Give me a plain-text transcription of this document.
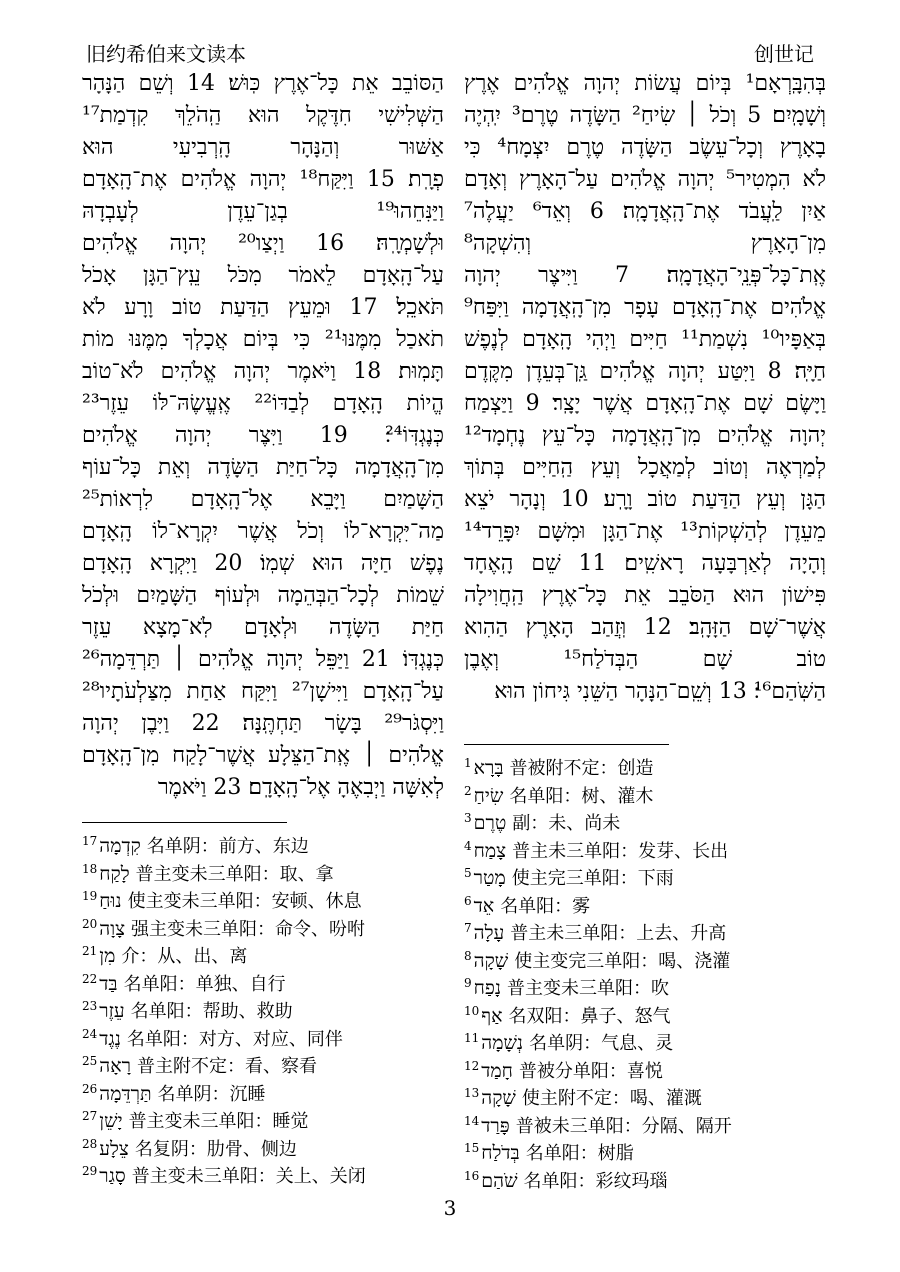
旧约希伯来文读本	创世记
בְּהִבָּֽרְאָם¹ בְּיוֹם עֲשׂוֹת יְהוָה אֱלֹהִים אֶרֶץ
וְשָׁמָֽיִם׃ 5 וְכֹל ׀ שִׂיחַ² הַשָּׂדֶה טֶרֶם³ יִֽהְיֶה
בָאָרֶץ וְכָל־עֵשֶׂב הַשָּׂדֶה טֶרֶם יִצְמָח⁴ כִּי
לֹא הִמְטִיר⁵ יְהוָה אֱלֹהִים עַל־הָאָרֶץ וְאָדָם
אַיִן לַֽעֲבֹד אֶת־הָֽאֲדָמָֽה׃ 6 וְאֵד⁶ יַעֲלֶה⁷
מִן־הָאָרֶץ וְהִשְׁקָה⁸
אֶֽת־כָּל־פְּנֵֽי־הָאֲדָמָֽה׃ 7 וַיִּיצֶר יְהוָה
אֱלֹהִים אֶת־הָֽאָדָם עָפָר מִן־הָֽאֲדָמָה וַיִּפַּח⁹
בְּאַפָּיו¹⁰ נִשְׁמַת¹¹ חַיִּים וַיְהִי הָֽאָדָם לְנֶפֶשׁ
חַיָּֽה׃ 8 וַיִּטַּע יְהוָה אֱלֹהִים גַּֽן־בְּעֵדֶן מִקֶּדֶם
וַיָּשֶׂם שָׁם אֶת־הָֽאָדָם אֲשֶׁר יָצָֽר׃ 9 וַיַּצְמַח
יְהוָה אֱלֹהִים מִן־הָֽאֲדָמָה כָּל־עֵץ נֶחְמָד¹²
לְמַרְאֶה וְטוֹב לְמַאֲכָל וְעֵץ הַֽחַיִּים בְּתוֹךְ
הַגָּן וְעֵץ הַדַּעַת טוֹב וָרָֽע׃ 10 וְנָהָר יֹצֵא
מֵעֵדֶן לְהַשְׁקוֹת¹³ אֶת־הַגָּן וּמִשָּׁם יִפָּרֵד¹⁴
וְהָיָה לְאַרְבָּעָה רָאשִֽׁים׃ 11 שֵׁם הָֽאֶחָד
פִּישׁוֹן הוּא הַסֹּבֵב אֵת כָּל־אֶרֶץ הַֽחֲוִילָה
אֲשֶׁר־שָׁם הַזָּהָֽב׃ 12 וּֽזֲהַב הָאָרֶץ הַהִוא
טוֹב שָׁם הַבְּדֹלַח¹⁵ וְאֶבֶן
הַשֹּֽׁהַם¹⁶׃ 13 וְשֵֽׁם־הַנָּהָר הַשֵּׁנִי גִּיחוֹן הוּא
הַסּוֹבֵב אֵת כָּל־אֶרֶץ כּֽוּשׁ׃ 14 וְשֵׁם הַנָּהָר
הַשְּׁלִישִׁי חִדֶּקֶל הוּא הַֽהֹלֵךְ קִדְמַת¹⁷
אַשּׁוּר וְהַנָּהָר הָֽרְבִיעִי הוּא
פְרָֽת׃ 15 וַיִּקַּח¹⁸ יְהוָה אֱלֹהִים אֶת־הָֽאָדָם
וַיַּנִּחֵהוּ¹⁹ בְגַן־עֵדֶן לְעָבְדָהּ
וּלְשָׁמְרָֽהּ׃ 16 וַיְצַו²⁰ יְהוָה אֱלֹהִים
עַל־הָֽאָדָם לֵאמֹר מִכֹּל עֵֽץ־הַגָּן אָכֹל
תֹּאכֵֽל׃ 17 וּמֵעֵץ הַדַּעַת טוֹב וָרָע לֹא
תֹאכַל מִמֶּנּוּ²¹ כִּי בְּיוֹם אֲכָלְךָ מִמֶּנּוּ מוֹת
תָּמֽוּת׃ 18 וַיֹּאמֶר יְהוָה אֱלֹהִים לֹא־טוֹב
הֱיוֹת הָֽאָדָם לְבַדּוֹ²² אֶֽעֱשֶׂהּ־לּוֹ עֵזֶר²³
כְּנֶגְדּֽוֹ²⁴׃ 19 וַיִּצֶר יְהוָה אֱלֹהִים
מִן־הָֽאֲדָמָה כָּל־חַיַּת הַשָּׂדֶה וְאֵת כָּל־עוֹף
הַשָּׁמַיִם וַיָּבֵא אֶל־הָֽאָדָם לִרְאוֹת²⁵
מַה־יִּקְרָא־לוֹ וְכֹל אֲשֶׁר יִקְרָא־לוֹ הָֽאָדָם
נֶפֶשׁ חַיָּה הוּא שְׁמֽוֹ׃ 20 וַיִּקְרָא הָֽאָדָם
שֵׁמוֹת לְכָל־הַבְּהֵמָה וּלְעוֹף הַשָּׁמַיִם וּלְכֹל
חַיַּת הַשָּׂדֶה וּלְאָדָם לֹֽא־מָצָא עֵזֶר
כְּנֶגְדּֽוֹ׃ 21 וַיַּפֵּל יְהוָה אֱלֹהִים ׀ תַּרְדֵּמָה²⁶
עַל־הָֽאָדָם וַיִּישָׁן²⁷ וַיִּקַּח אַחַת מִצַּלְעֹתָיו²⁸
וַיִּסְגֹּר²⁹ בָּשָׂר תַּחְתֶּֽנָּה׃ 22 וַיִּבֶן יְהוָה
אֱלֹהִים ׀ אֶֽת־הַצֵּלָע אֲשֶׁר־לָקַח מִן־הָֽאָדָם
לְאִשָּׁה וַיְבִאֶהָ אֶל־הָֽאָדָֽם׃ 23 וַיֹּאמֶר
$^1$ בָּרָא 普被附不定：创造
$^2$ שִׂיחַ 名单阳：树、灌木
$^3$ טֶרֶם 副：未、尚未
$^4$ צָמַח 普主未三单阳：发芽、长出
$^5$ מָטַר 使主完三单阳：下雨
$^6$ אֵד 名单阳：雾
$^7$ עָלָה 普主未三单阳：上去、升高
$^8$ שָׁקָה 使主变完三单阳：喝、浇灌
$^9$ נָפַח 普主变未三单阳：吹
$^{10}$ אַף 名双阳：鼻子、怒气
$^{11}$ נְשָׁמָה 名单阴：气息、灵
$^{12}$ חָמַד 普被分单阳：喜悦
$^{13}$ שָׁקָה 使主附不定：喝、灌溉
$^{14}$ פָּרַד 普被未三单阳：分隔、隔开
$^{15}$ בְּדֹלַח 名单阳：树脂
$^{16}$ שֹׁהַם 名单阳：彩纹玛瑙
$^{17}$ קִדְמָה 名单阴：前方、东边
$^{18}$ לָקַח 普主变未三单阳：取、拿
$^{19}$ נוּחַ 使主变未三单阳：安顿、休息
$^{20}$ צָוָה 强主变未三单阳：命令、吩咐
$^{21}$ מִן 介：从、出、离
$^{22}$ בַּד 名单阳：单独、自行
$^{23}$ עֵזֶר 名单阳：帮助、救助
$^{24}$ נֶגֶד 名单阳：对方、对应、同伴
$^{25}$ רָאָה 普主附不定：看、察看
$^{26}$ תַּרְדֵּמָה 名单阴：沉睡
$^{27}$ יָשֵׁן 普主变未三单阳：睡觉
$^{28}$ צֵלָע 名复阴：肋骨、侧边
$^{29}$ סָגַר 普主变未三单阳：关上、关闭
3
